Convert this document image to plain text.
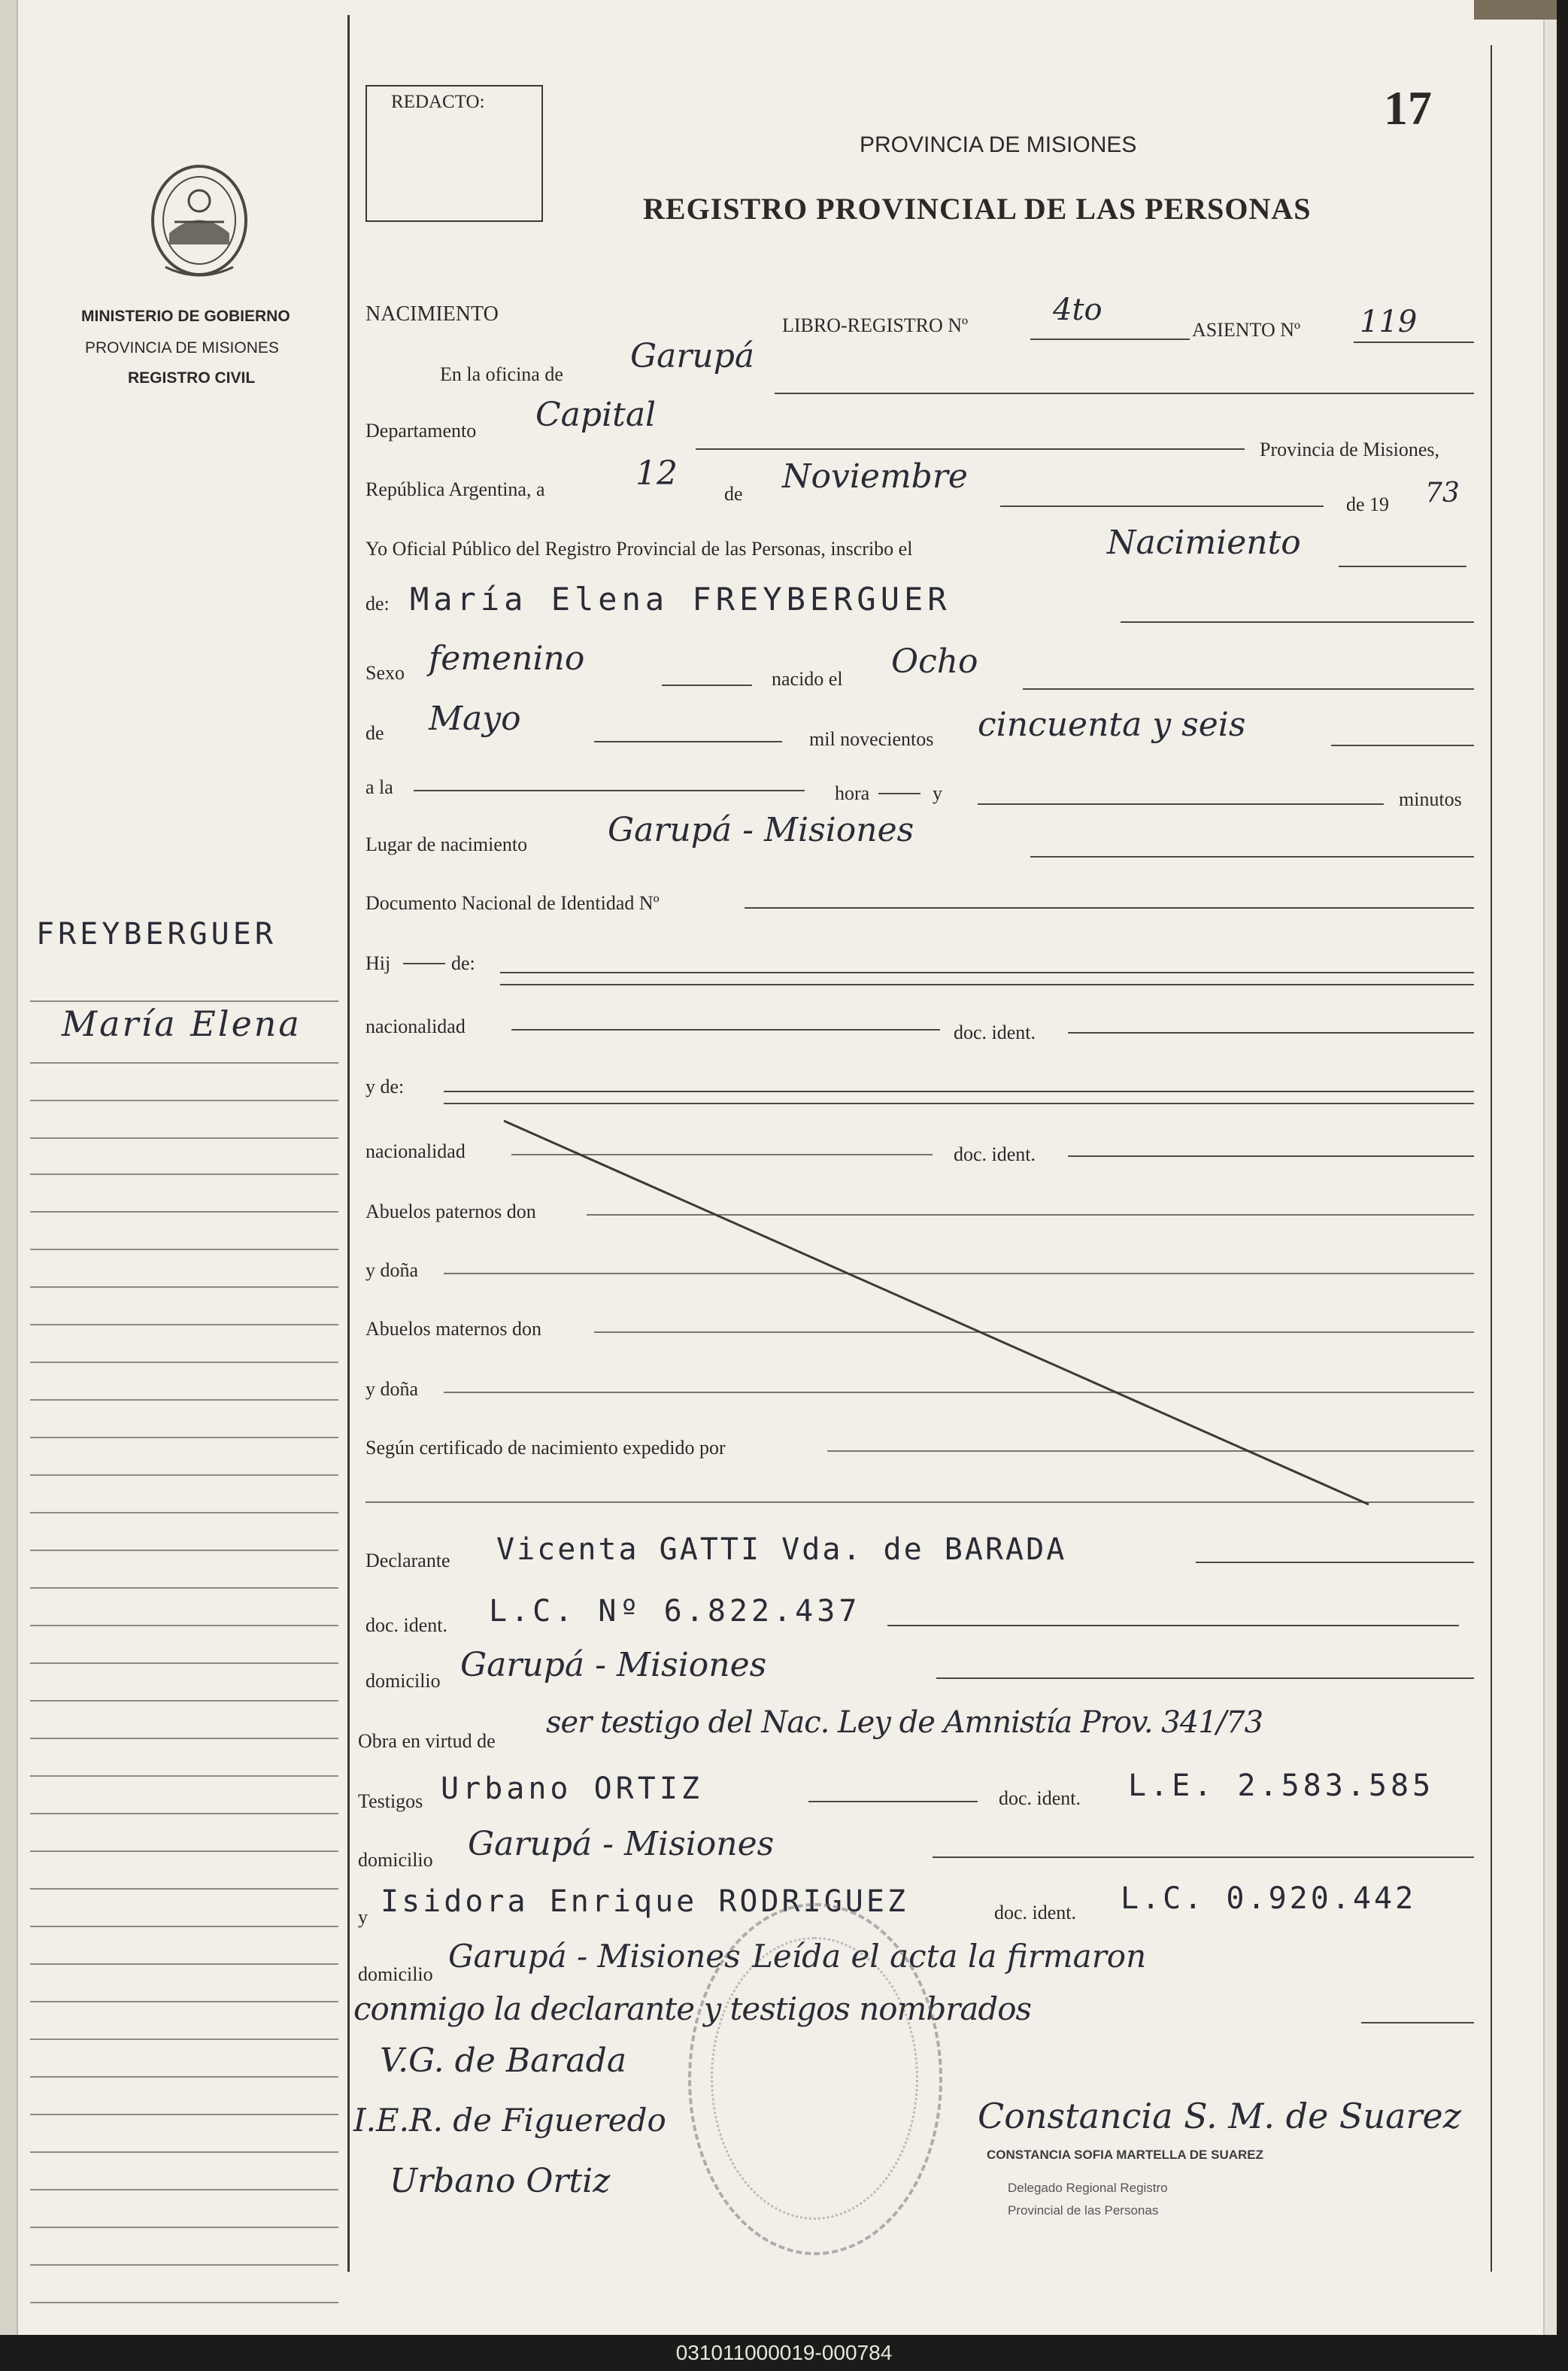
MINISTERIO DE GOBIERNO
PROVINCIA DE MISIONES
REGISTRO CIVIL
FREYBERGUER
María Elena
REDACTO:	17
PROVINCIA DE MISIONES
REGISTRO PROVINCIAL DE LAS PERSONAS
NACIMIENTO	LIBRO-REGISTRO Nº	4to
ASIENTO Nº 119
En la oficina de Garupá
Departamento Capital
Provincia de Misiones,
República Argentina, a	12
de Noviembre
de 19 73
Yo Oficial Público del Registro Provincial de las Personas, inscribo el	Nacimiento
de: María Elena FREYBERGUER
Sexo femenino
nacido el Ocho
de Mayo
mil novecientos cincuenta y seis
a la	hora	y	minutos
Lugar de nacimiento Garupá - Misiones
Documento Nacional de Identidad Nº
Hij	de:
nacionalidad	doc. ident.
y de:
nacionalidad	doc. ident.
Abuelos paternos don
y doña
Abuelos maternos don
y doña
Según certificado de nacimiento expedido por
Declarante Vicenta GATTI Vda. de BARADA
doc. ident. L.C. Nº 6.822.437
domicilio Garupá - Misiones
Obra en virtud de
ser testigo del Nac. Ley de Amnistía Prov. 341/73
Testigos Urbano ORTIZ	doc. ident. L.E. 2.583.585
domicilio Garupá - Misiones
y Isidora Enrique RODRIGUEZ	doc. ident. L.C. 0.920.442
domicilio Garupá - Misiones Leída el acta la firmaron
conmigo la declarante y testigos nombrados
V.G. de Barada
I.E.R. de Figueredo
Urbano Ortiz
Constancia S. M. de Suarez
CONSTANCIA SOFIA MARTELLA DE SUAREZ
Delegado Regional Registro
Provincial de las Personas
031011000019-000784
